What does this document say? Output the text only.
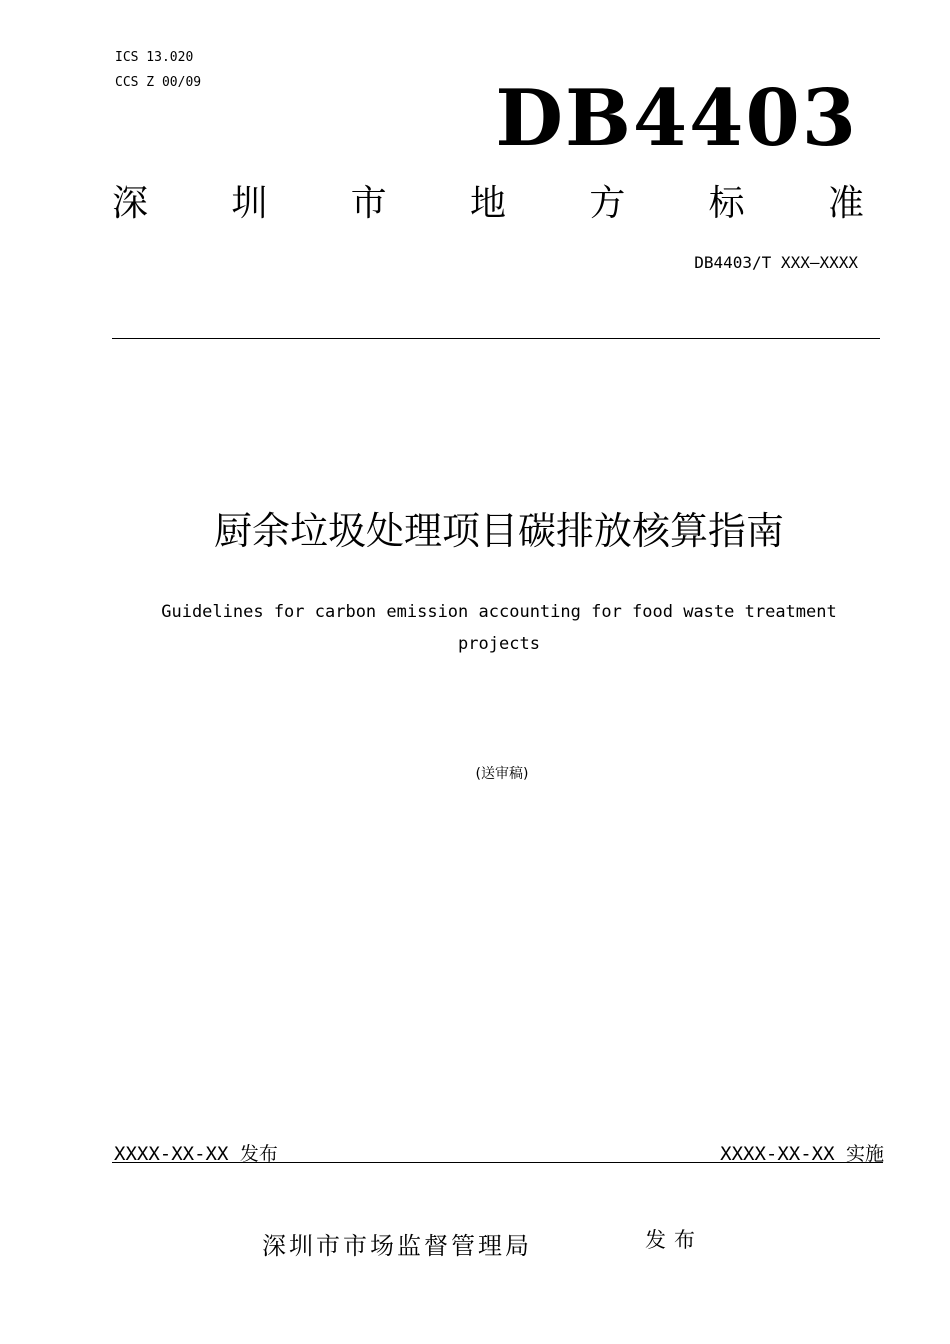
ICS 13.020
CCS Z 00/09	DB4403
深 圳 市 地 方 标 准
DB4403/T XXX—XXXX
厨余垃圾处理项目碳排放核算指南
Guidelines for carbon emission accounting for food waste treatment projects
(送审稿)
XXXX-XX-XX 发布	XXXX-XX-XX 实施
深圳市市场监督管理局	发布
